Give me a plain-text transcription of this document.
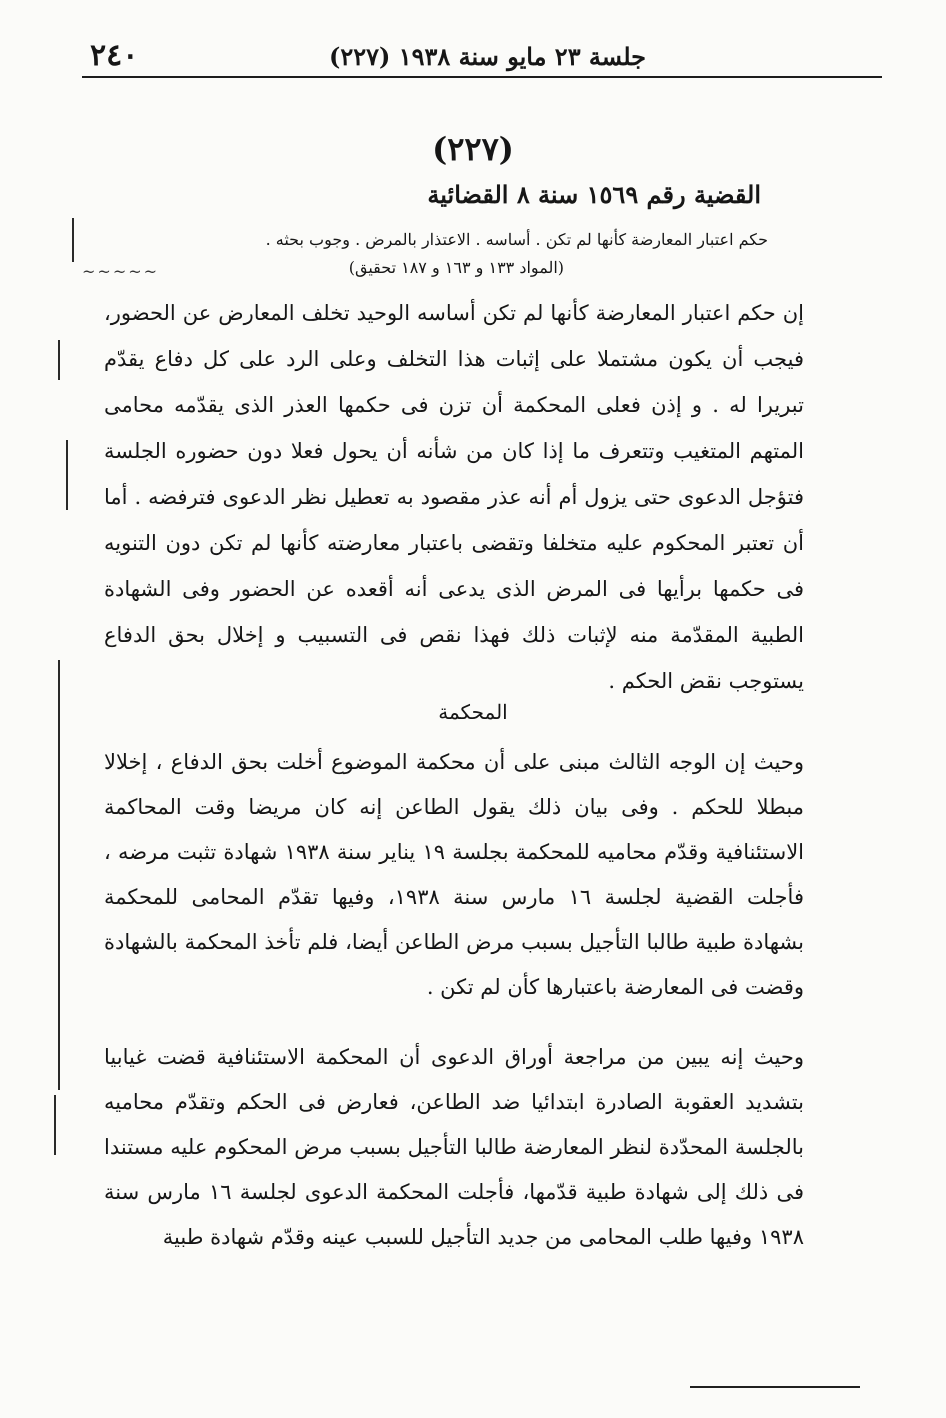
٢٤٠	جلسة ٢٣ مايو سنة ١٩٣٨ (٢٢٧)
(٢٢٧)
القضية رقم ١٥٦٩ سنة ٨ القضائية
حكم اعتبار المعارضة كأنها لم تكن . أساسه . الاعتذار بالمرض . وجوب بحثه .
(المواد ١٣٣ و ١٦٣ و ١٨٧ تحقيق)
إن حكم اعتبار المعارضة كأنها لم تكن أساسه الوحيد تخلف المعارض عن الحضور، فيجب أن يكون مشتملا على إثبات هذا التخلف وعلى الرد على كل دفاع يقدّم تبريرا له . و إذن فعلى المحكمة أن تزن فى حكمها العذر الذى يقدّمه محامى المتهم المتغيب وتتعرف ما إذا كان من شأنه أن يحول فعلا دون حضوره الجلسة فتؤجل الدعوى حتى يزول أم أنه عذر مقصود به تعطيل نظر الدعوى فترفضه . أما أن تعتبر المحكوم عليه متخلفا وتقضى باعتبار معارضته كأنها لم تكن دون التنويه فى حكمها برأيها فى المرض الذى يدعى أنه أقعده عن الحضور وفى الشهادة الطبية المقدّمة منه لإثبات ذلك فهذا نقص فى التسبيب و إخلال بحق الدفاع يستوجب نقض الحكم .
المحكمة
وحيث إن الوجه الثالث مبنى على أن محكمة الموضوع أخلت بحق الدفاع ، إخلالا مبطلا للحكم . وفى بيان ذلك يقول الطاعن إنه كان مريضا وقت المحاكمة الاستئنافية وقدّم محاميه للمحكمة بجلسة ١٩ يناير سنة ١٩٣٨ شهادة تثبت مرضه ، فأجلت القضية لجلسة ١٦ مارس سنة ١٩٣٨، وفيها تقدّم المحامى للمحكمة بشهادة طبية طالبا التأجيل بسبب مرض الطاعن أيضا، فلم تأخذ المحكمة بالشهادة وقضت فى المعارضة باعتبارها كأن لم تكن .
وحيث إنه يبين من مراجعة أوراق الدعوى أن المحكمة الاستئنافية قضت غيابيا بتشديد العقوبة الصادرة ابتدائيا ضد الطاعن، فعارض فى الحكم وتقدّم محاميه بالجلسة المحدّدة لنظر المعارضة طالبا التأجيل بسبب مرض المحكوم عليه مستندا فى ذلك إلى شهادة طبية قدّمها، فأجلت المحكمة الدعوى لجلسة ١٦ مارس سنة ١٩٣٨ وفيها طلب المحامى من جديد التأجيل للسبب عينه وقدّم شهادة طبية
~~~~~
